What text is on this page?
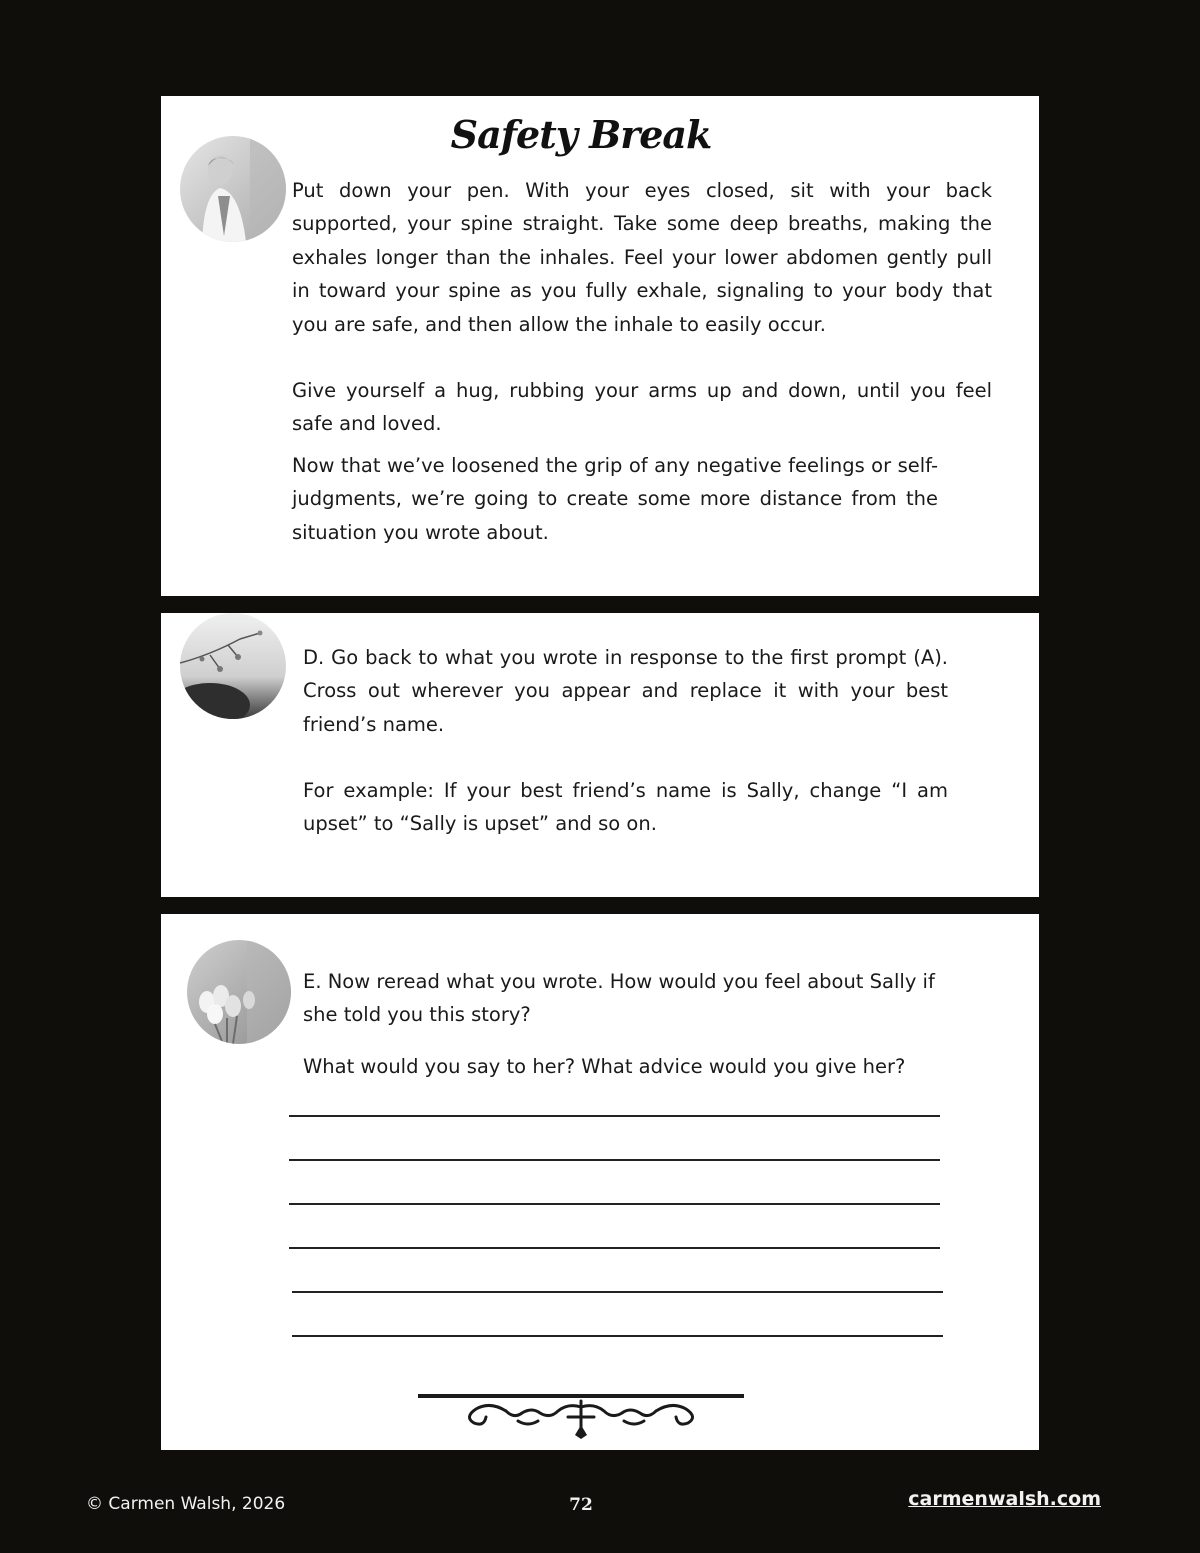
Safety Break

Put down your pen. With your eyes closed, sit with your back supported, your spine straight. Take some deep breaths, making the exhales longer than the inhales. Feel your lower abdomen gently pull in toward your spine as you fully exhale, signaling to your body that you are safe, and then allow the inhale to easily occur.

Give yourself a hug, rubbing your arms up and down, until you feel safe and loved.

Now that we’ve loosened the grip of any negative feelings or self-judgments, we’re going to create some more distance from the situation you wrote about.

D. Go back to what you wrote in response to the first prompt (A). Cross out wherever you appear and replace it with your best friend’s name.

For example: If your best friend’s name is Sally, change “I am upset” to “Sally is upset” and so on.

E. Now reread what you wrote. How would you feel about Sally if she told you this story?

What would you say to her? What advice would you give her?

© Carmen Walsh, 2026	72	carmenwalsh.com
